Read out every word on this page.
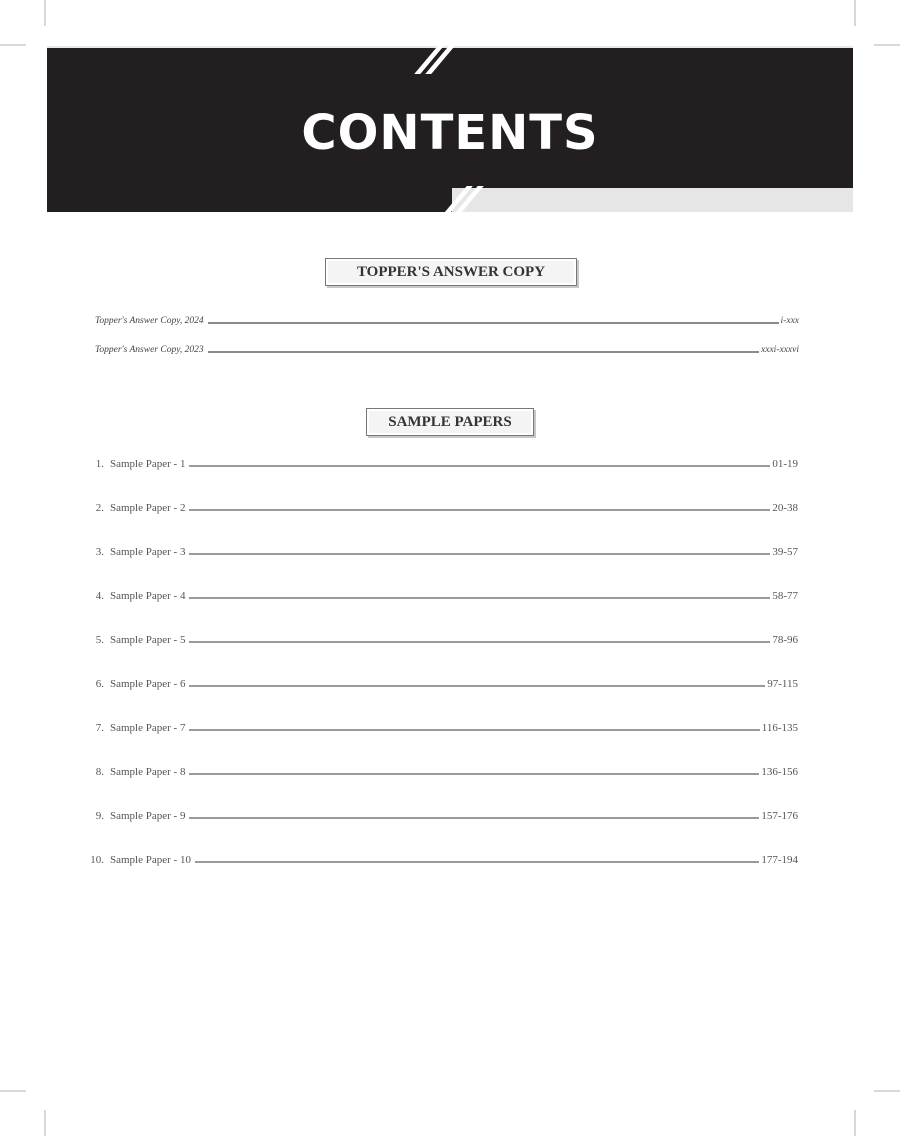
CONTENTS
TOPPER'S ANSWER COPY
Topper's Answer Copy, 2024	i-xxx
Topper's Answer Copy, 2023	xxxi-xxxvi
SAMPLE PAPERS
1. Sample Paper - 1	01-19
2. Sample Paper - 2	20-38
3. Sample Paper - 3	39-57
4. Sample Paper - 4	58-77
5. Sample Paper - 5	78-96
6. Sample Paper - 6	97-115
7. Sample Paper - 7	116-135
8. Sample Paper - 8	136-156
9. Sample Paper - 9	157-176
10. Sample Paper - 10	177-194
